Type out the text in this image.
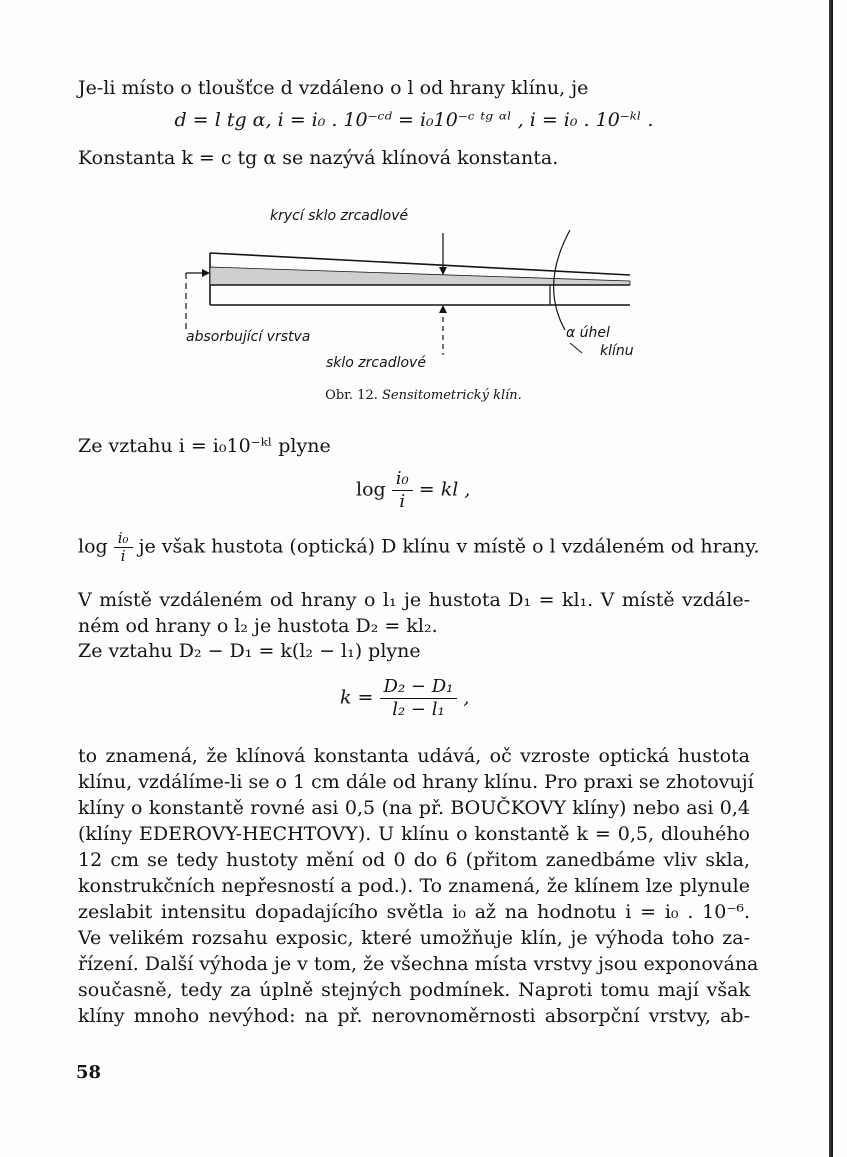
Je-li místo o tloušťce d vzdáleno o l od hrany klínu, je
d = l tg α, i = i₀ . 10⁻ᶜᵈ = i₀10⁻ᶜ ᵗᵍ ᵅˡ , i = i₀ . 10⁻ᵏˡ .
Konstanta k = c tg α se nazývá klínová konstanta.
krycí sklo zrcadlové
absorbující vrstva
sklo zrcadlové
α úhel
klínu
Obr. 12. Sensitometrický klín.
Ze vztahu i = i₀10⁻ᵏˡ plyne
$\log \frac{\text{i₀}}{i}$ = kl ,
$\log \frac{\text{i₀}}{i}$ je však hustota (optická) D klínu v místě o l vzdáleném od hrany.
V místě vzdáleném od hrany o l₁ je hustota D₁ = kl₁. V místě vzdále-
ném od hrany o l₂ je hustota D₂ = kl₂.
Ze vztahu D₂ − D₁ = k(l₂ − l₁) plyne
$k = \frac{\text{D₂ − D₁}}{\text{l₂ − l₁}}$ ,
to znamená, že klínová konstanta udává, oč vzroste optická hustota
klínu, vzdálíme-li se o 1 cm dále od hrany klínu. Pro praxi se zhotovují
klíny o konstantě rovné asi 0,5 (na př. BOUČKOVY klíny) nebo asi 0,4
(klíny EDEROVY-HECHTOVY). U klínu o konstantě k = 0,5, dlouhého
12 cm se tedy hustoty mění od 0 do 6 (přitom zanedbáme vliv skla,
konstrukčních nepřesností a pod.). To znamená, že klínem lze plynule
zeslabit intensitu dopadajícího světla i₀ až na hodnotu i = i₀ . 10⁻⁶.
Ve velikém rozsahu exposic, které umožňuje klín, je výhoda toho za-
řízení. Další výhoda je v tom, že všechna místa vrstvy jsou exponována
současně, tedy za úplně stejných podmínek. Naproti tomu mají však
klíny mnoho nevýhod: na př. nerovnoměrnosti absorpční vrstvy, ab-
58
